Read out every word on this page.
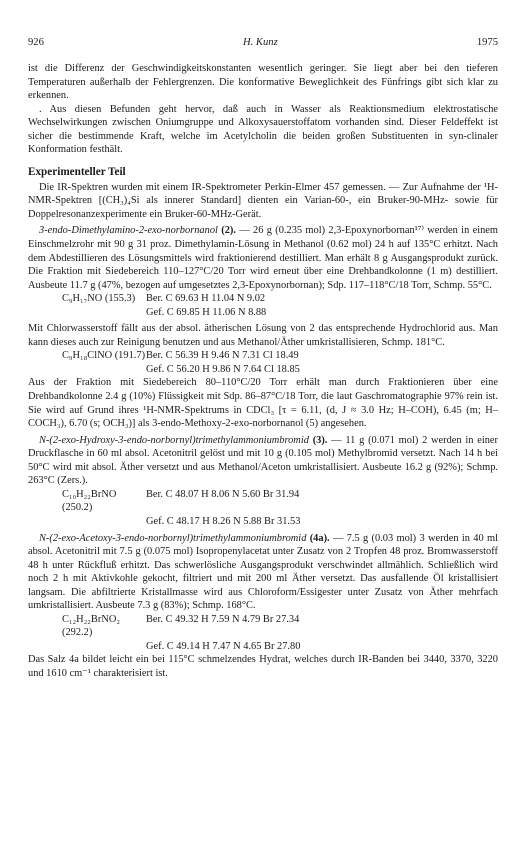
926	H. Kunz	1975

ist die Differenz der Geschwindigkeitskonstanten wesentlich geringer. Sie liegt aber bei den tieferen Temperaturen außerhalb der Fehlergrenzen. Die konformative Beweglichkeit des Fünfrings gibt sich klar zu erkennen.

. Aus diesen Befunden geht hervor, daß auch in Wasser als Reaktionsmedium elektrostatische Wechselwirkungen zwischen Oniumgruppe und Alkoxysauerstoffatom vorhanden sind. Dieser Feldeffekt ist sicher die bestimmende Kraft, welche im Acetylcholin die beiden großen Substituenten in syn-clinaler Konformation festhält.

Experimenteller Teil

Die IR-Spektren wurden mit einem IR-Spektrometer Perkin-Elmer 457 gemessen. — Zur Aufnahme der ¹H-NMR-Spektren [(CH₃)₄Si als innerer Standard] dienten ein Varian-60-, ein Bruker-90-MHz- sowie für Doppelresonanzexperimente ein Bruker-60-MHz-Gerät.

3-endo-Dimethylamino-2-exo-norbornanol (2). — 26 g (0.235 mol) 2,3-Epoxynorbornan¹⁷⁾ werden in einem Einschmelzrohr mit 90 g 31 proz. Dimethylamin-Lösung in Methanol (0.62 mol) 24 h auf 135°C erhitzt. Nach dem Abdestillieren des Lösungsmittels wird fraktionierend destilliert. Man erhält 8 g Ausgangsprodukt zurück. Die Fraktion mit Siedebereich 110–127°C/20 Torr wird erneut über eine Drehbandkolonne (1 m) destilliert. Ausbeute 11.7 g (47%, bezogen auf umgesetztes 2,3-Epoxynorbornan); Sdp. 117–118°C/18 Torr, Schmp. 55°C.

C₉H₁₇NO (155.3)	Ber. C 69.63 H 11.04 N 9.02
Gef. C 69.85 H 11.06 N 8.88

Mit Chlorwasserstoff fällt aus der absol. ätherischen Lösung von 2 das entsprechende Hydrochlorid aus. Man kann dieses auch zur Reinigung benutzen und aus Methanol/Äther umkristallisieren, Schmp. 181°C.

C₉H₁₈ClNO (191.7) Ber. C 56.39 H 9.46 N 7.31 Cl 18.49
Gef. C 56.20 H 9.86 N 7.64 Cl 18.85

Aus der Fraktion mit Siedebereich 80–110°C/20 Torr erhält man durch Fraktionieren über eine Drehbandkolonne 2.4 g (10%) Flüssigkeit mit Sdp. 86–87°C/18 Torr, die laut Gaschromatographie 97% rein ist. Sie wird auf Grund ihres ¹H-NMR-Spektrums in CDCl₃ [τ = 6.11, (d, J ≈ 3.0 Hz; H–COH), 6.45 (m; H–COCH₃), 6.70 (s; OCH₃)] als 3-endo-Methoxy-2-exo-norbornanol (5) angesehen.

N-(2-exo-Hydroxy-3-endo-norbornyl)trimethylammoniumbromid (3). — 11 g (0.071 mol) 2 werden in einer Druckflasche in 60 ml absol. Acetonitril gelöst und mit 10 g (0.105 mol) Methylbromid versetzt. Nach 14 h bei 50°C wird mit absol. Äther versetzt und aus Methanol/Aceton umkristallisiert. Ausbeute 16.2 g (92%); Schmp. 263°C (Zers.).

C₁₀H₂₂BrNO (250.2)
Ber. C 48.07 H 8.06 N 5.60 Br 31.94
Gef. C 48.17 H 8.26 N 5.88 Br 31.53

N-(2-exo-Acetoxy-3-endo-norbornyl)trimethylammoniumbromid (4a). — 7.5 g (0.03 mol) 3 werden in 40 ml absol. Acetonitril mit 7.5 g (0.075 mol) Isopropenylacetat unter Zusatz von 2 Tropfen 48 proz. Bromwasserstoff 48 h unter Rückfluß erhitzt. Das schwerlösliche Ausgangsprodukt verschwindet allmählich. Schließlich wird noch 2 h mit Aktivkohle gekocht, filtriert und mit 200 ml Äther versetzt. Das ausfallende Öl kristallisiert langsam. Die abfiltrierte Kristallmasse wird aus Chloroform/Essigester unter Zusatz von Äther mehrfach umkristallisiert. Ausbeute 7.3 g (83%); Schmp. 168°C.

C₁₂H₂₂BrNO₂ (292.2)
Ber. C 49.32 H 7.59 N 4.79 Br 27.34
Gef. C 49.14 H 7.47 N 4.65 Br 27.80

Das Salz 4a bildet leicht ein bei 115°C schmelzendes Hydrat, welches durch IR-Banden bei 3440, 3370, 3220 und 1610 cm⁻¹ charakterisiert ist.
